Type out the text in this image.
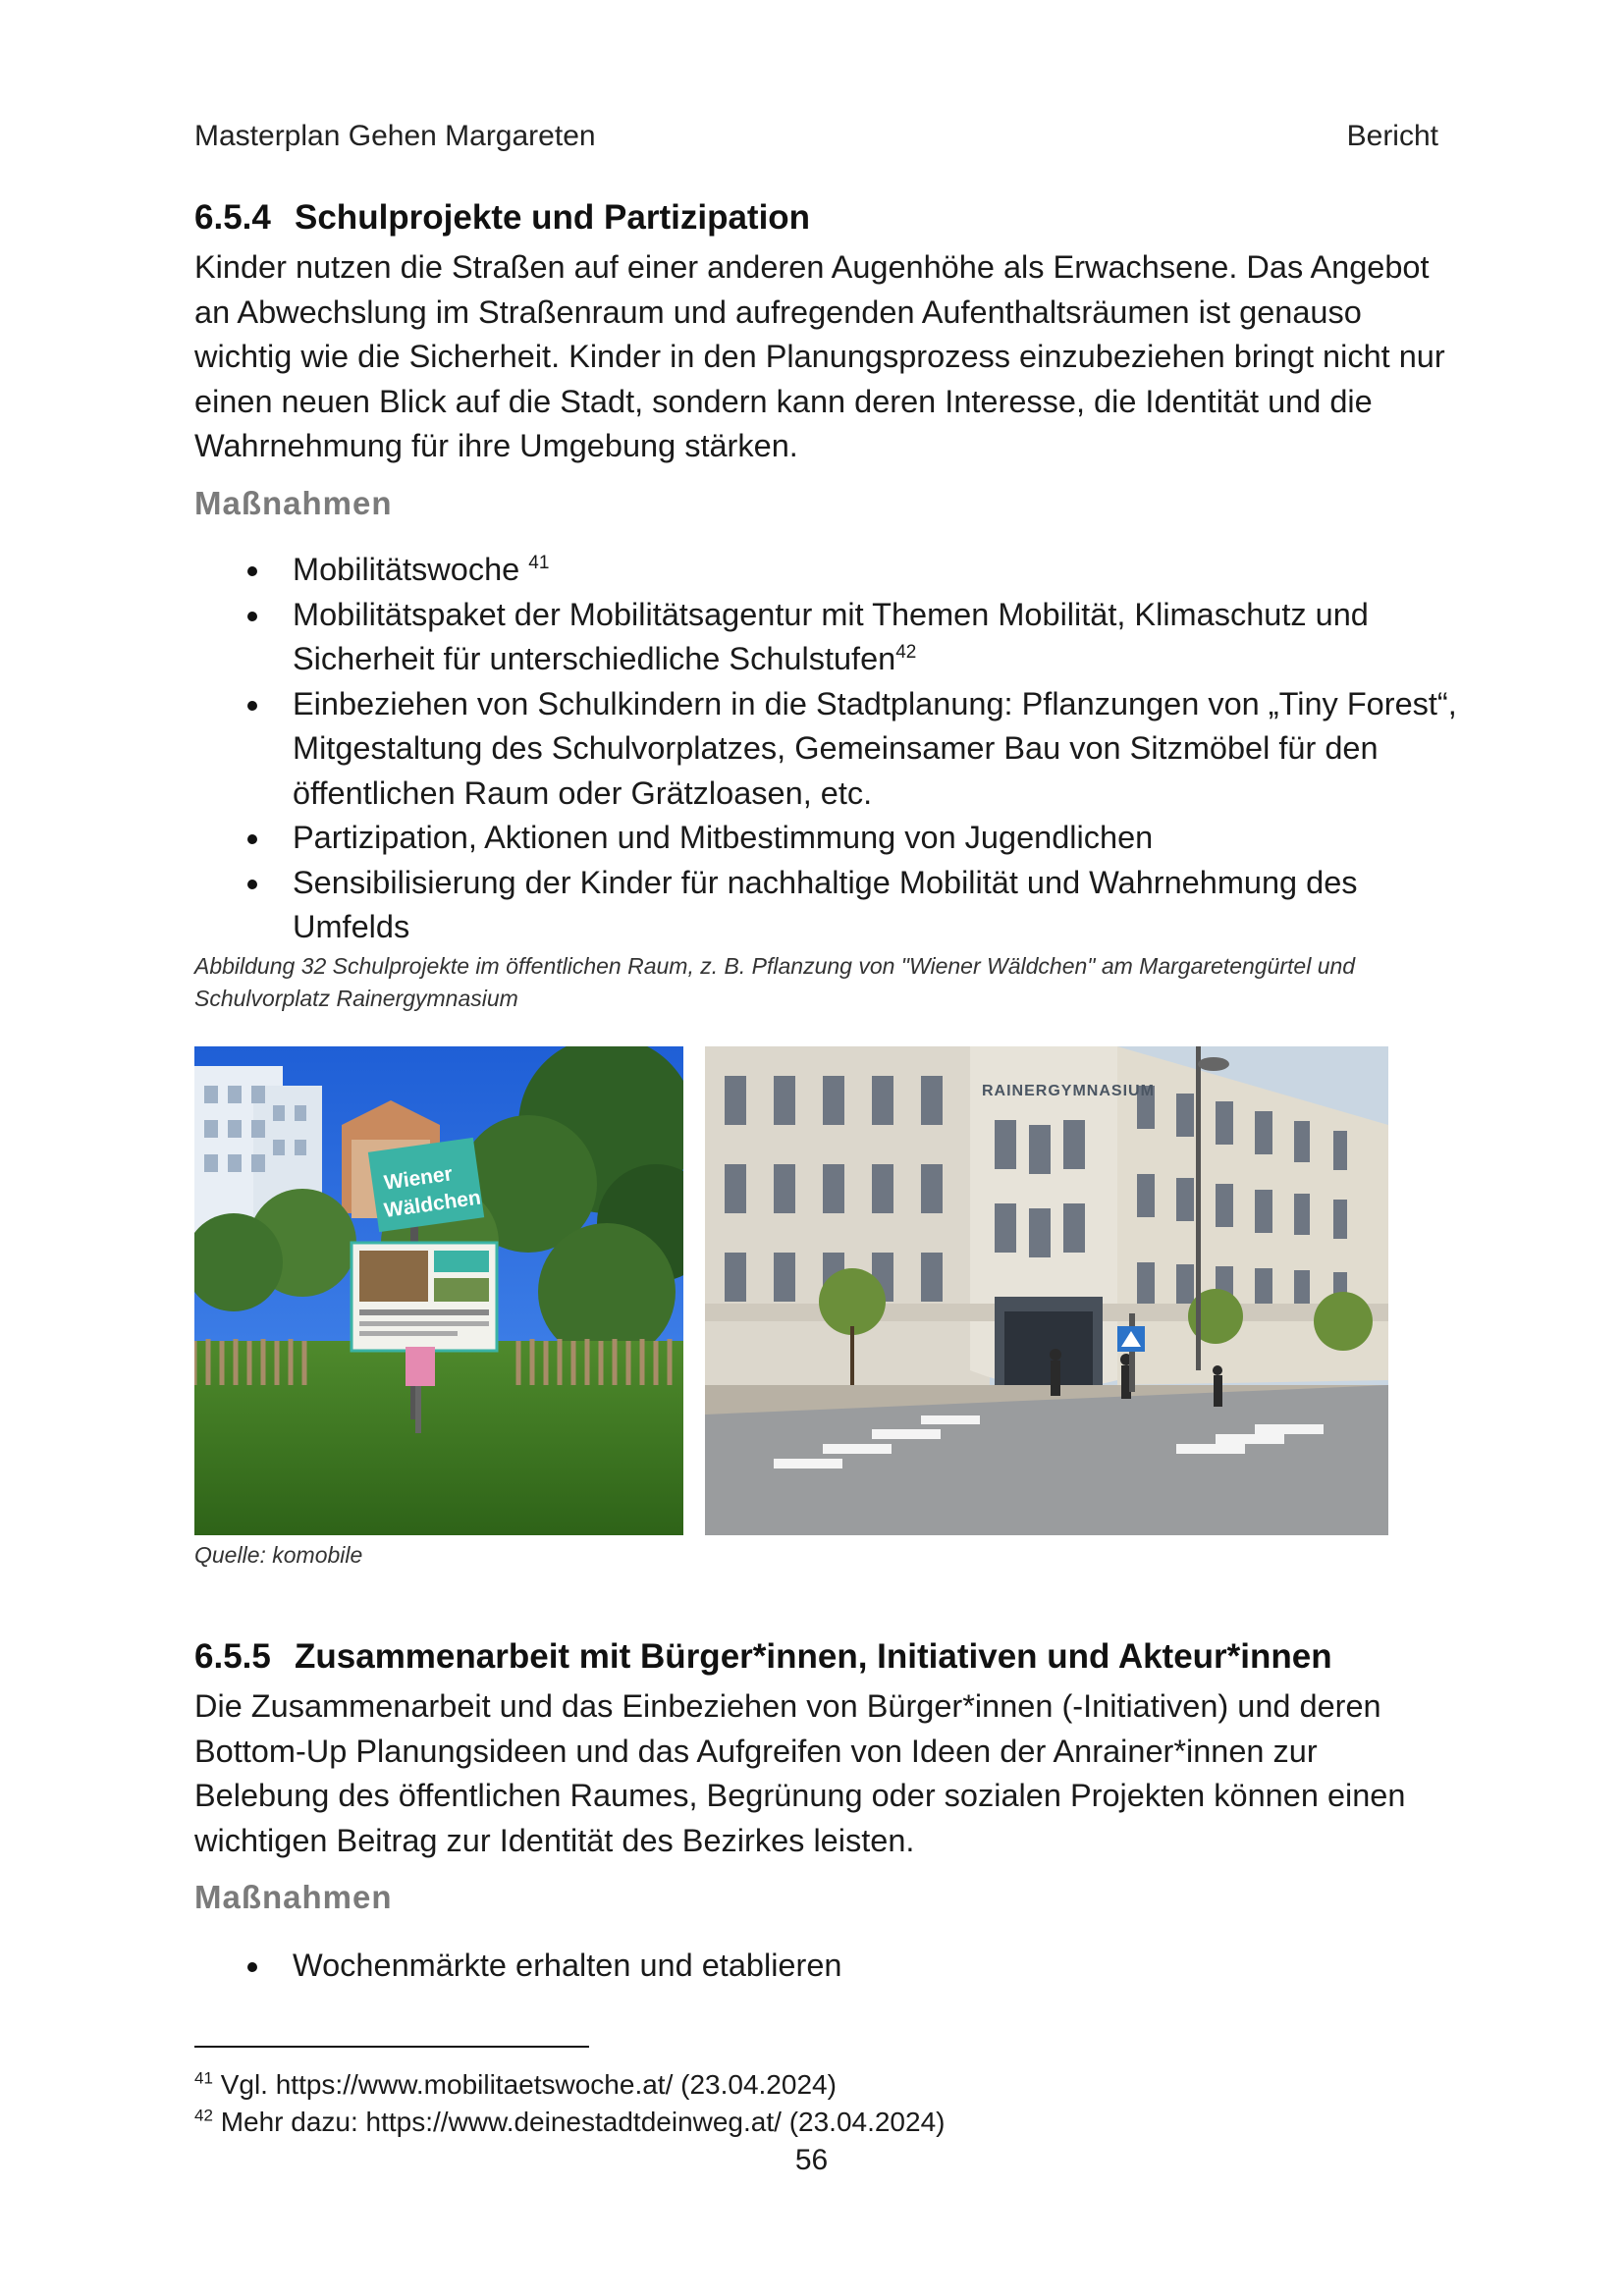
Masterplan Gehen Margareten	Bericht
6.5.4 Schulprojekte und Partizipation
Kinder nutzen die Straßen auf einer anderen Augenhöhe als Erwachsene. Das Angebot an Abwechslung im Straßenraum und aufregenden Aufenthaltsräumen ist genauso wichtig wie die Sicherheit. Kinder in den Planungsprozess einzubeziehen bringt nicht nur einen neuen Blick auf die Stadt, sondern kann deren Interesse, die Identität und die Wahrnehmung für ihre Umgebung stärken.
Maßnahmen
Mobilitätswoche $^{41}$
Mobilitätspaket der Mobilitätsagentur mit Themen Mobilität, Klimaschutz und Sicherheit für unterschiedliche Schulstufen$^{42}$
Einbeziehen von Schulkindern in die Stadtplanung: Pflanzungen von „Tiny Forest“, Mitgestaltung des Schulvorplatzes, Gemeinsamer Bau von Sitzmöbel für den öffentlichen Raum oder Grätzloasen, etc.
Partizipation, Aktionen und Mitbestimmung von Jugendlichen
Sensibilisierung der Kinder für nachhaltige Mobilität und Wahrnehmung des Umfelds
Abbildung 32 Schulprojekte im öffentlichen Raum, z. B. Pflanzung von "Wiener Wäldchen" am Margaretengürtel und Schulvorplatz Rainergymnasium
Wiener
Wäldchen
RAINERGYMNASIUM
Quelle: komobile
6.5.5 Zusammenarbeit mit Bürger*innen, Initiativen und Akteur*innen
Die Zusammenarbeit und das Einbeziehen von Bürger*innen (-Initiativen) und deren Bottom-Up Planungsideen und das Aufgreifen von Ideen der Anrainer*innen zur Belebung des öffentlichen Raumes, Begrünung oder sozialen Projekten können einen wichtigen Beitrag zur Identität des Bezirkes leisten.
Maßnahmen
Wochenmärkte erhalten und etablieren
$^{41}$ Vgl. https://www.mobilitaetswoche.at/ (23.04.2024)
$^{42}$ Mehr dazu: https://www.deinestadtdeinweg.at/ (23.04.2024)
56
